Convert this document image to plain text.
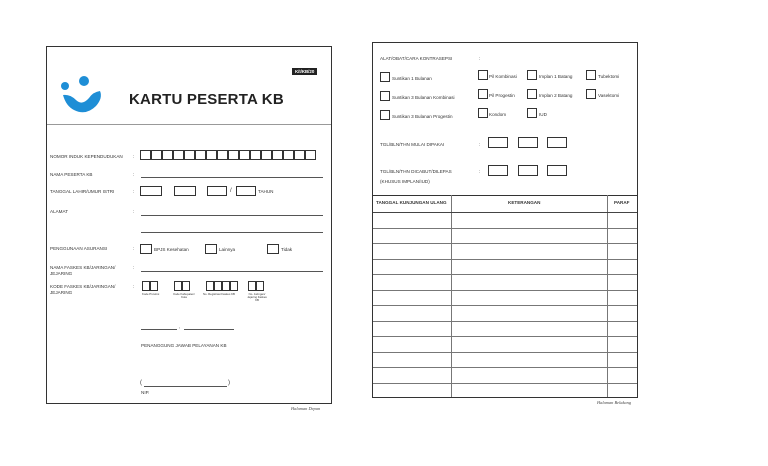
K/I/KB/20
KARTU PESERTA KB
NOMOR INDUK KEPENDUDUKAN :
NAMA PESERTA KB	:
TANGGAL LAHIR/UMUR ISTRI	:	/	TAHUN
ALAMAT	:
PENGGUNAAN ASURANSI	:	BPJS Kesehatan	Lainnya	Tidak
NAMA FASKES KB/JARINGAN/
JEJARING
:
KODE FASKES KB/JARINGAN/
JEJARING
:
Kode Provinsi	Kode Kabupaten/ Kota
No. Registrasi Faskes KB	No. Jaringan/ Jejaring Faskes KB
,
PENANGGUNG JAWAB PELAYANAN KB
(	)
NIP.
Halaman Depan
ALAT/OBAT/CARA KONTRASEPSI	:
Suntikan 1 Bulanan	Pil Kombinasi	Implan 1 Batang	Tubektomi
Suntikan 3 Bulanan Kombinasi	Pil Progestin	Implan 2 Batang	Vasektomi
Suntikan 3 Bulanan Progestin	Kondom	IUD
TGL/BLN/THN MULAI DIPAKAI	:
TGL/BLN/THN DICABUT/DILEPAS
(KHUSUS IMPLAN/IUD)
:
TANGGAL KUNJUNGAN ULANG	KETERANGAN	PARAF
Halaman Belakang
